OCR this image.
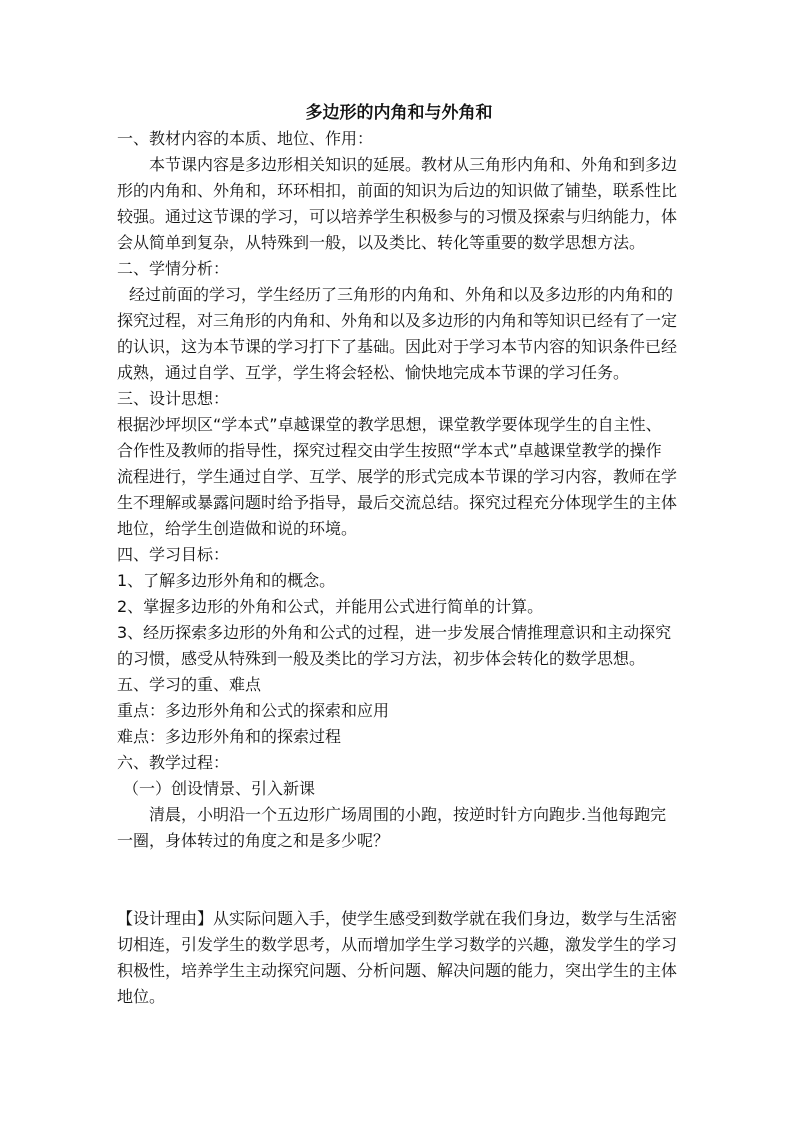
多边形的内角和与外角和
一、教材内容的本质、地位、作用：
本节课内容是多边形相关知识的延展。教材从三角形内角和、外角和到多边
形的内角和、外角和，环环相扣，前面的知识为后边的知识做了铺垫，联系性比
较强。通过这节课的学习，可以培养学生积极参与的习惯及探索与归纳能力，体
会从简单到复杂，从特殊到一般，以及类比、转化等重要的数学思想方法。
二、学情分析：
经过前面的学习，学生经历了三角形的内角和、外角和以及多边形的内角和的
探究过程，对三角形的内角和、外角和以及多边形的内角和等知识已经有了一定
的认识，这为本节课的学习打下了基础。因此对于学习本节内容的知识条件已经
成熟，通过自学、互学，学生将会轻松、愉快地完成本节课的学习任务。
三、设计思想：
根据沙坪坝区“学本式”卓越课堂的教学思想，课堂教学要体现学生的自主性、
合作性及教师的指导性，探究过程交由学生按照“学本式”卓越课堂教学的操作
流程进行，学生通过自学、互学、展学的形式完成本节课的学习内容，教师在学
生不理解或暴露问题时给予指导，最后交流总结。探究过程充分体现学生的主体
地位，给学生创造做和说的环境。
四、学习目标：
1、了解多边形外角和的概念。
2、掌握多边形的外角和公式，并能用公式进行简单的计算。
3、经历探索多边形的外角和公式的过程，进一步发展合情推理意识和主动探究
的习惯，感受从特殊到一般及类比的学习方法，初步体会转化的数学思想。
五、学习的重、难点
重点：多边形外角和公式的探索和应用
难点：多边形外角和的探索过程
六、教学过程：
（一）创设情景、引入新课
清晨，小明沿一个五边形广场周围的小跑，按逆时针方向跑步.当他每跑完
一圈，身体转过的角度之和是多少呢？
【设计理由】从实际问题入手，使学生感受到数学就在我们身边，数学与生活密
切相连，引发学生的数学思考，从而增加学生学习数学的兴趣，激发学生的学习
积极性，培养学生主动探究问题、分析问题、解决问题的能力，突出学生的主体
地位。
